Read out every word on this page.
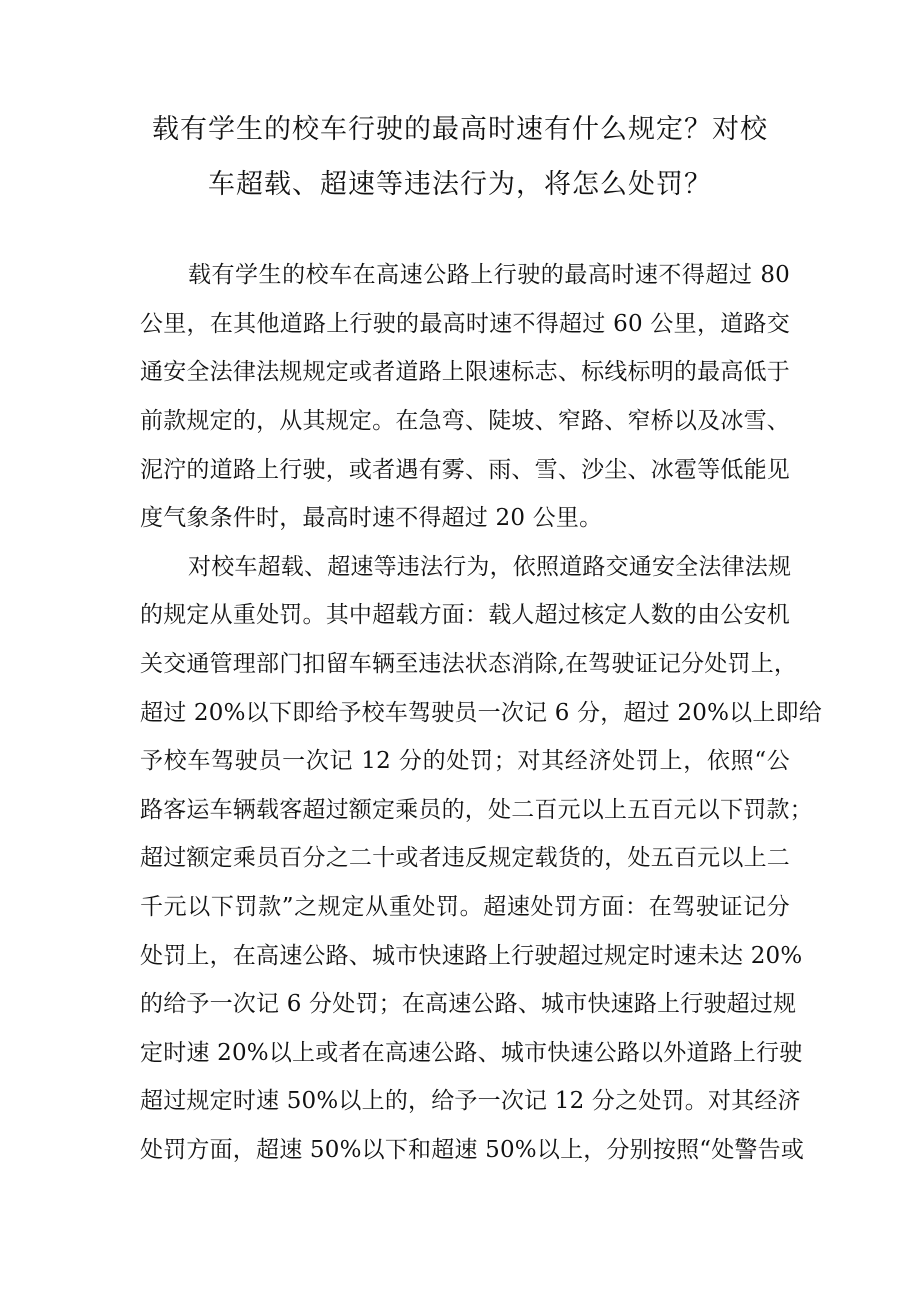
载有学生的校车行驶的最高时速有什么规定？对校
车超载、超速等违法行为，将怎么处罚？
载有学生的校车在高速公路上行驶的最高时速不得超过 80
公里，在其他道路上行驶的最高时速不得超过 60 公里，道路交
通安全法律法规规定或者道路上限速标志、标线标明的最高低于
前款规定的，从其规定。在急弯、陡坡、窄路、窄桥以及冰雪、
泥泞的道路上行驶，或者遇有雾、雨、雪、沙尘、冰雹等低能见
度气象条件时，最高时速不得超过 20 公里。
对校车超载、超速等违法行为，依照道路交通安全法律法规
的规定从重处罚。其中超载方面：载人超过核定人数的由公安机
关交通管理部门扣留车辆至违法状态消除,在驾驶证记分处罚上，
超过 20%以下即给予校车驾驶员一次记 6 分，超过 20%以上即给
予校车驾驶员一次记 12 分的处罚；对其经济处罚上，依照“公
路客运车辆载客超过额定乘员的，处二百元以上五百元以下罚款；
超过额定乘员百分之二十或者违反规定载货的，处五百元以上二
千元以下罚款”之规定从重处罚。超速处罚方面：在驾驶证记分
处罚上，在高速公路、城市快速路上行驶超过规定时速未达 20%
的给予一次记 6 分处罚；在高速公路、城市快速路上行驶超过规
定时速 20%以上或者在高速公路、城市快速公路以外道路上行驶
超过规定时速 50%以上的，给予一次记 12 分之处罚。对其经济
处罚方面，超速 50%以下和超速 50%以上，分别按照“处警告或
